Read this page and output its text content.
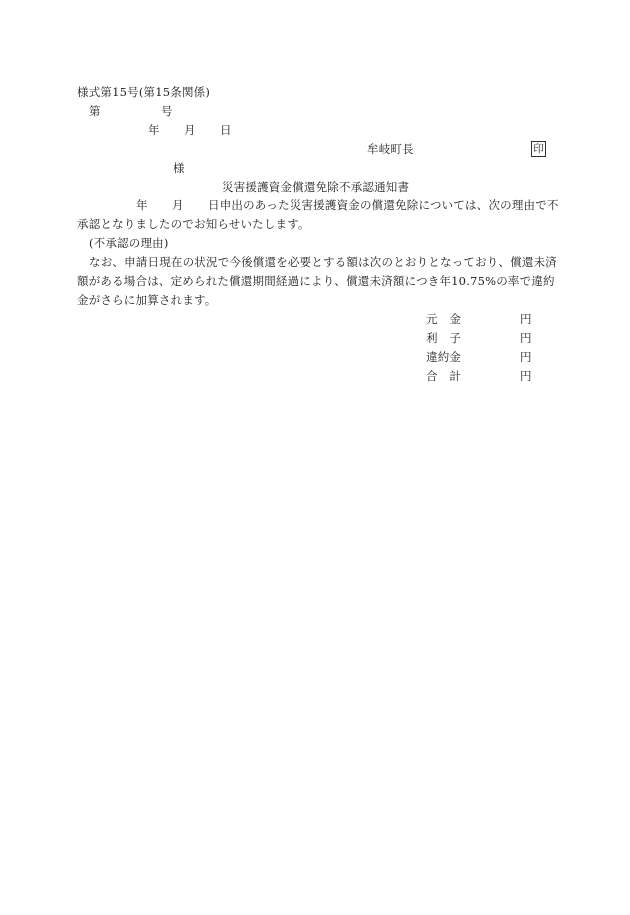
様式第15号(第15条関係)
第	号
年 月 日
牟岐町長	印
様
災害援護資金償還免除不承認通知書
年 月 日申出のあった災害援護資金の償還免除については、次の理由で不
承認となりましたのでお知らせいたします。
(不承認の理由)
なお、申請日現在の状況で今後償還を必要とする額は次のとおりとなっており、償還未済
額がある場合は、定められた償還期間経過により、償還未済額につき年10.75%の率で違約
金がさらに加算されます。
元　金	円
利　子	円
違約金	円
合　計	円
